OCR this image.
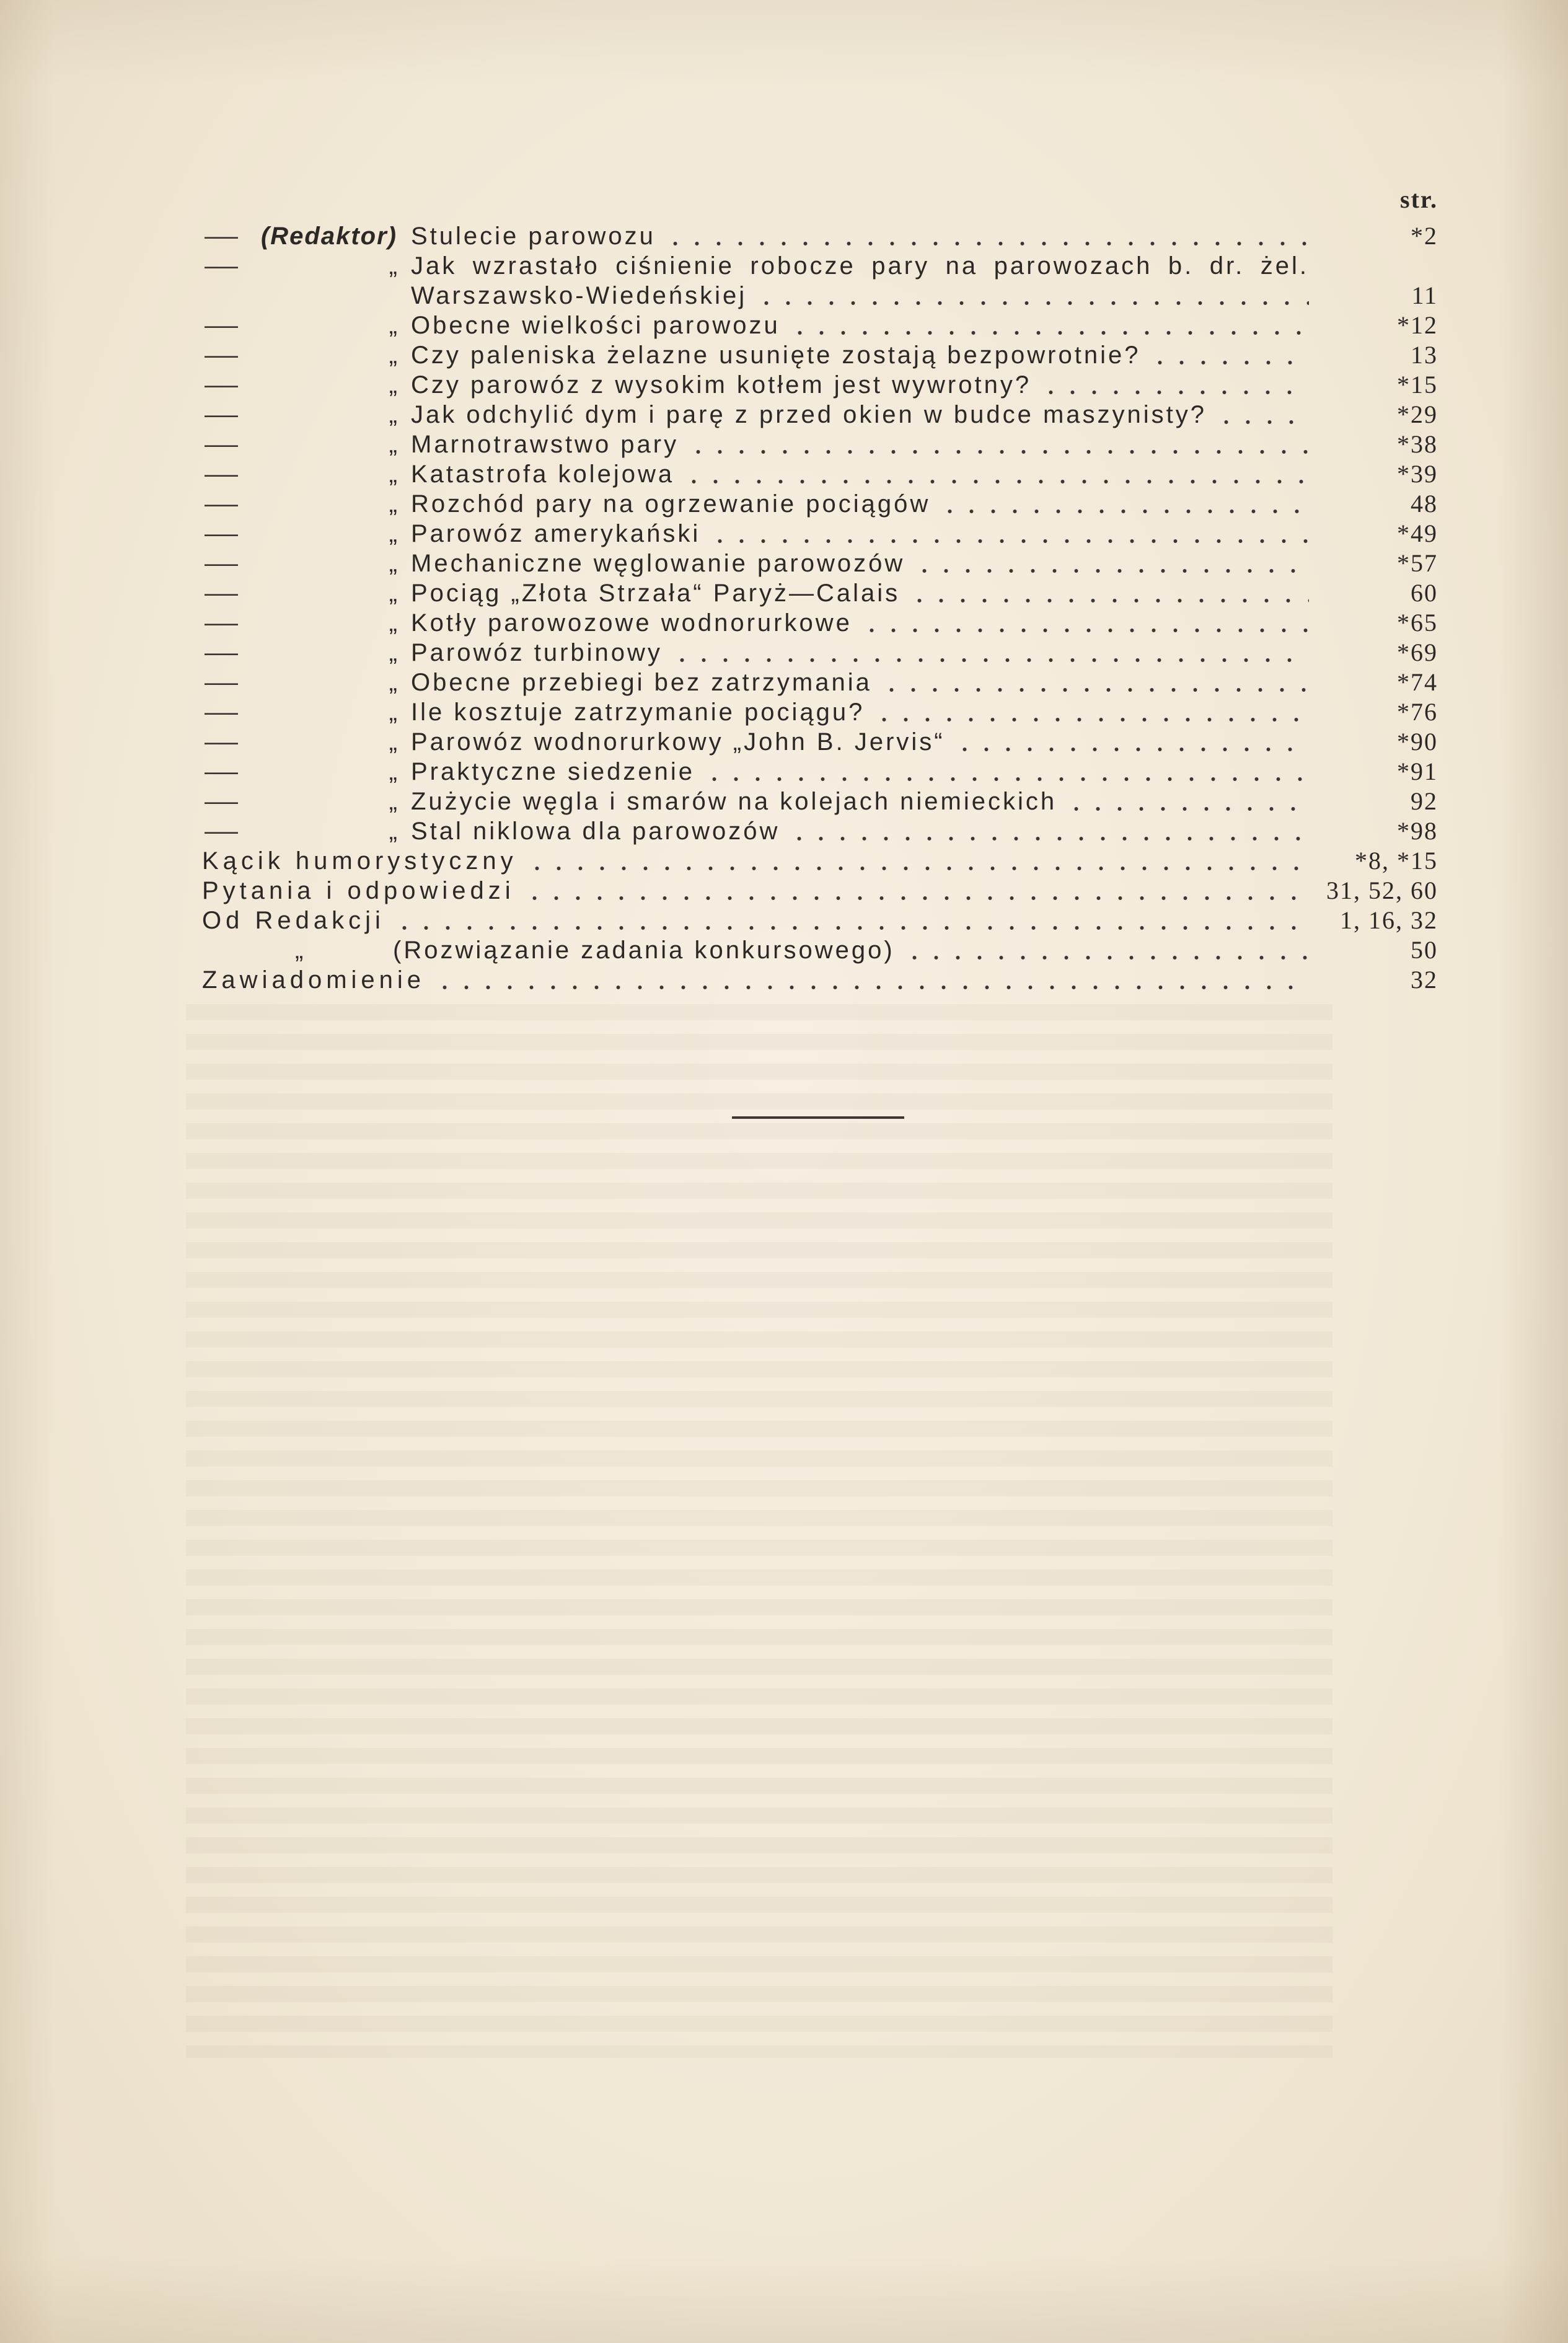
str.
— (Redaktor) Stulecie parowozu	*2
—	„ Jak wzrastało ciśnienie robocze pary na parowozach b. dr. żel.
Warszawsko-Wiedeńskiej	11
—	„ Obecne wielkości parowozu	*12
—	„ Czy paleniska żelazne usunięte zostają bezpowrotnie?	13
—	„ Czy parowóz z wysokim kotłem jest wywrotny?	*15
—	„ Jak odchylić dym i parę z przed okien w budce maszynisty?	*29
—	„ Marnotrawstwo pary	*38
—	„ Katastrofa kolejowa	*39
—	„ Rozchód pary na ogrzewanie pociągów	48
—	„ Parowóz amerykański	*49
—	„ Mechaniczne węglowanie parowozów	*57
—	„ Pociąg „Złota Strzała“ Paryż—Calais	60
—	„ Kotły parowozowe wodnorurkowe	*65
—	„ Parowóz turbinowy	*69
—	„ Obecne przebiegi bez zatrzymania	*74
—	„ Ile kosztuje zatrzymanie pociągu?	*76
—	„ Parowóz wodnorurkowy „John B. Jervis“	*90
—	„ Praktyczne siedzenie	*91
—	„ Zużycie węgla i smarów na kolejach niemieckich	92
—	„ Stal niklowa dla parowozów	*98
Kącik humorystyczny	*8, *15
Pytania i odpowiedzi	31, 52, 60
Od Redakcji	1, 16, 32
„	(Rozwiązanie zadania konkursowego)	50
Zawiadomienie	32
